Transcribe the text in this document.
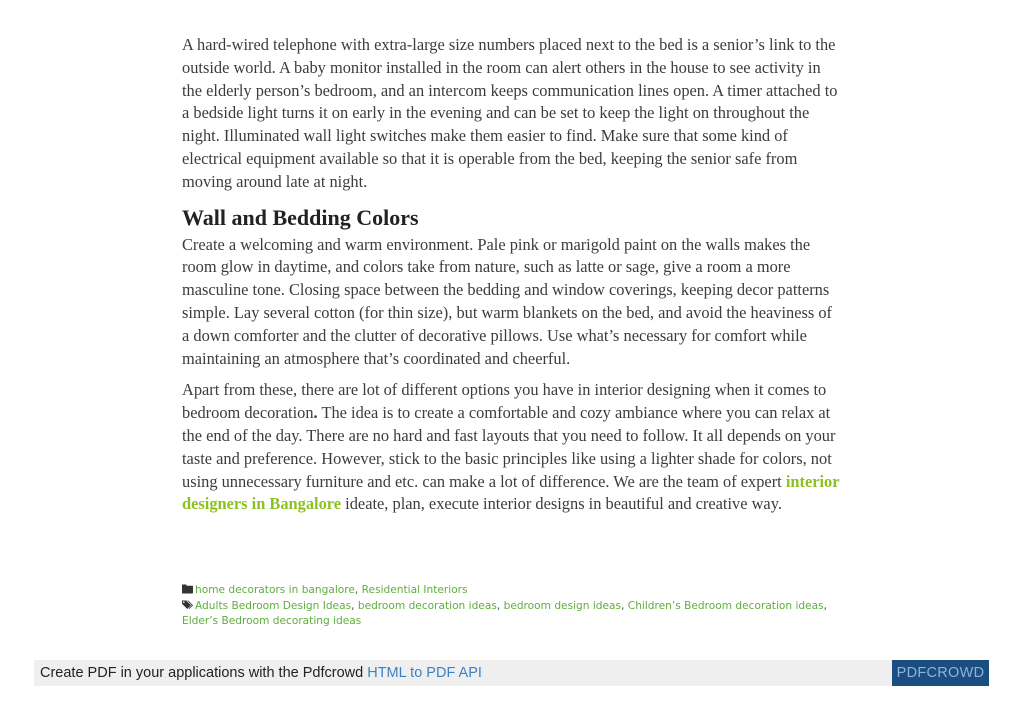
A hard-wired telephone with extra-large size numbers placed next to the bed is a senior’s link to the outside world. A baby monitor installed in the room can alert others in the house to see activity in the elderly person’s bedroom, and an intercom keeps communication lines open. A timer attached to a bedside light turns it on early in the evening and can be set to keep the light on throughout the night. Illuminated wall light switches make them easier to find. Make sure that some kind of electrical equipment available so that it is operable from the bed, keeping the senior safe from moving around late at night.

Wall and Bedding Colors

Create a welcoming and warm environment. Pale pink or marigold paint on the walls makes the room glow in daytime, and colors take from nature, such as latte or sage, give a room a more masculine tone. Closing space between the bedding and window coverings, keeping decor patterns simple. Lay several cotton (for thin size), but warm blankets on the bed, and avoid the heaviness of a down comforter and the clutter of decorative pillows. Use what’s necessary for comfort while maintaining an atmosphere that’s coordinated and cheerful.

Apart from these, there are lot of different options you have in interior designing when it comes to bedroom decoration. The idea is to create a comfortable and cozy ambiance where you can relax at the end of the day. There are no hard and fast layouts that you need to follow. It all depends on your taste and preference. However, stick to the basic principles like using a lighter shade for colors, not using unnecessary furniture and etc. can make a lot of difference. We are the team of expert interior designers in Bangalore ideate, plan, execute interior designs in beautiful and creative way.

home decorators in bangalore, Residential Interiors
Adults Bedroom Design Ideas, bedroom decoration ideas, bedroom design ideas, Children’s Bedroom decoration ideas,
Elder’s Bedroom decorating ideas
Create PDF in your applications with the Pdfcrowd HTML to PDF API	PDFCROWD
